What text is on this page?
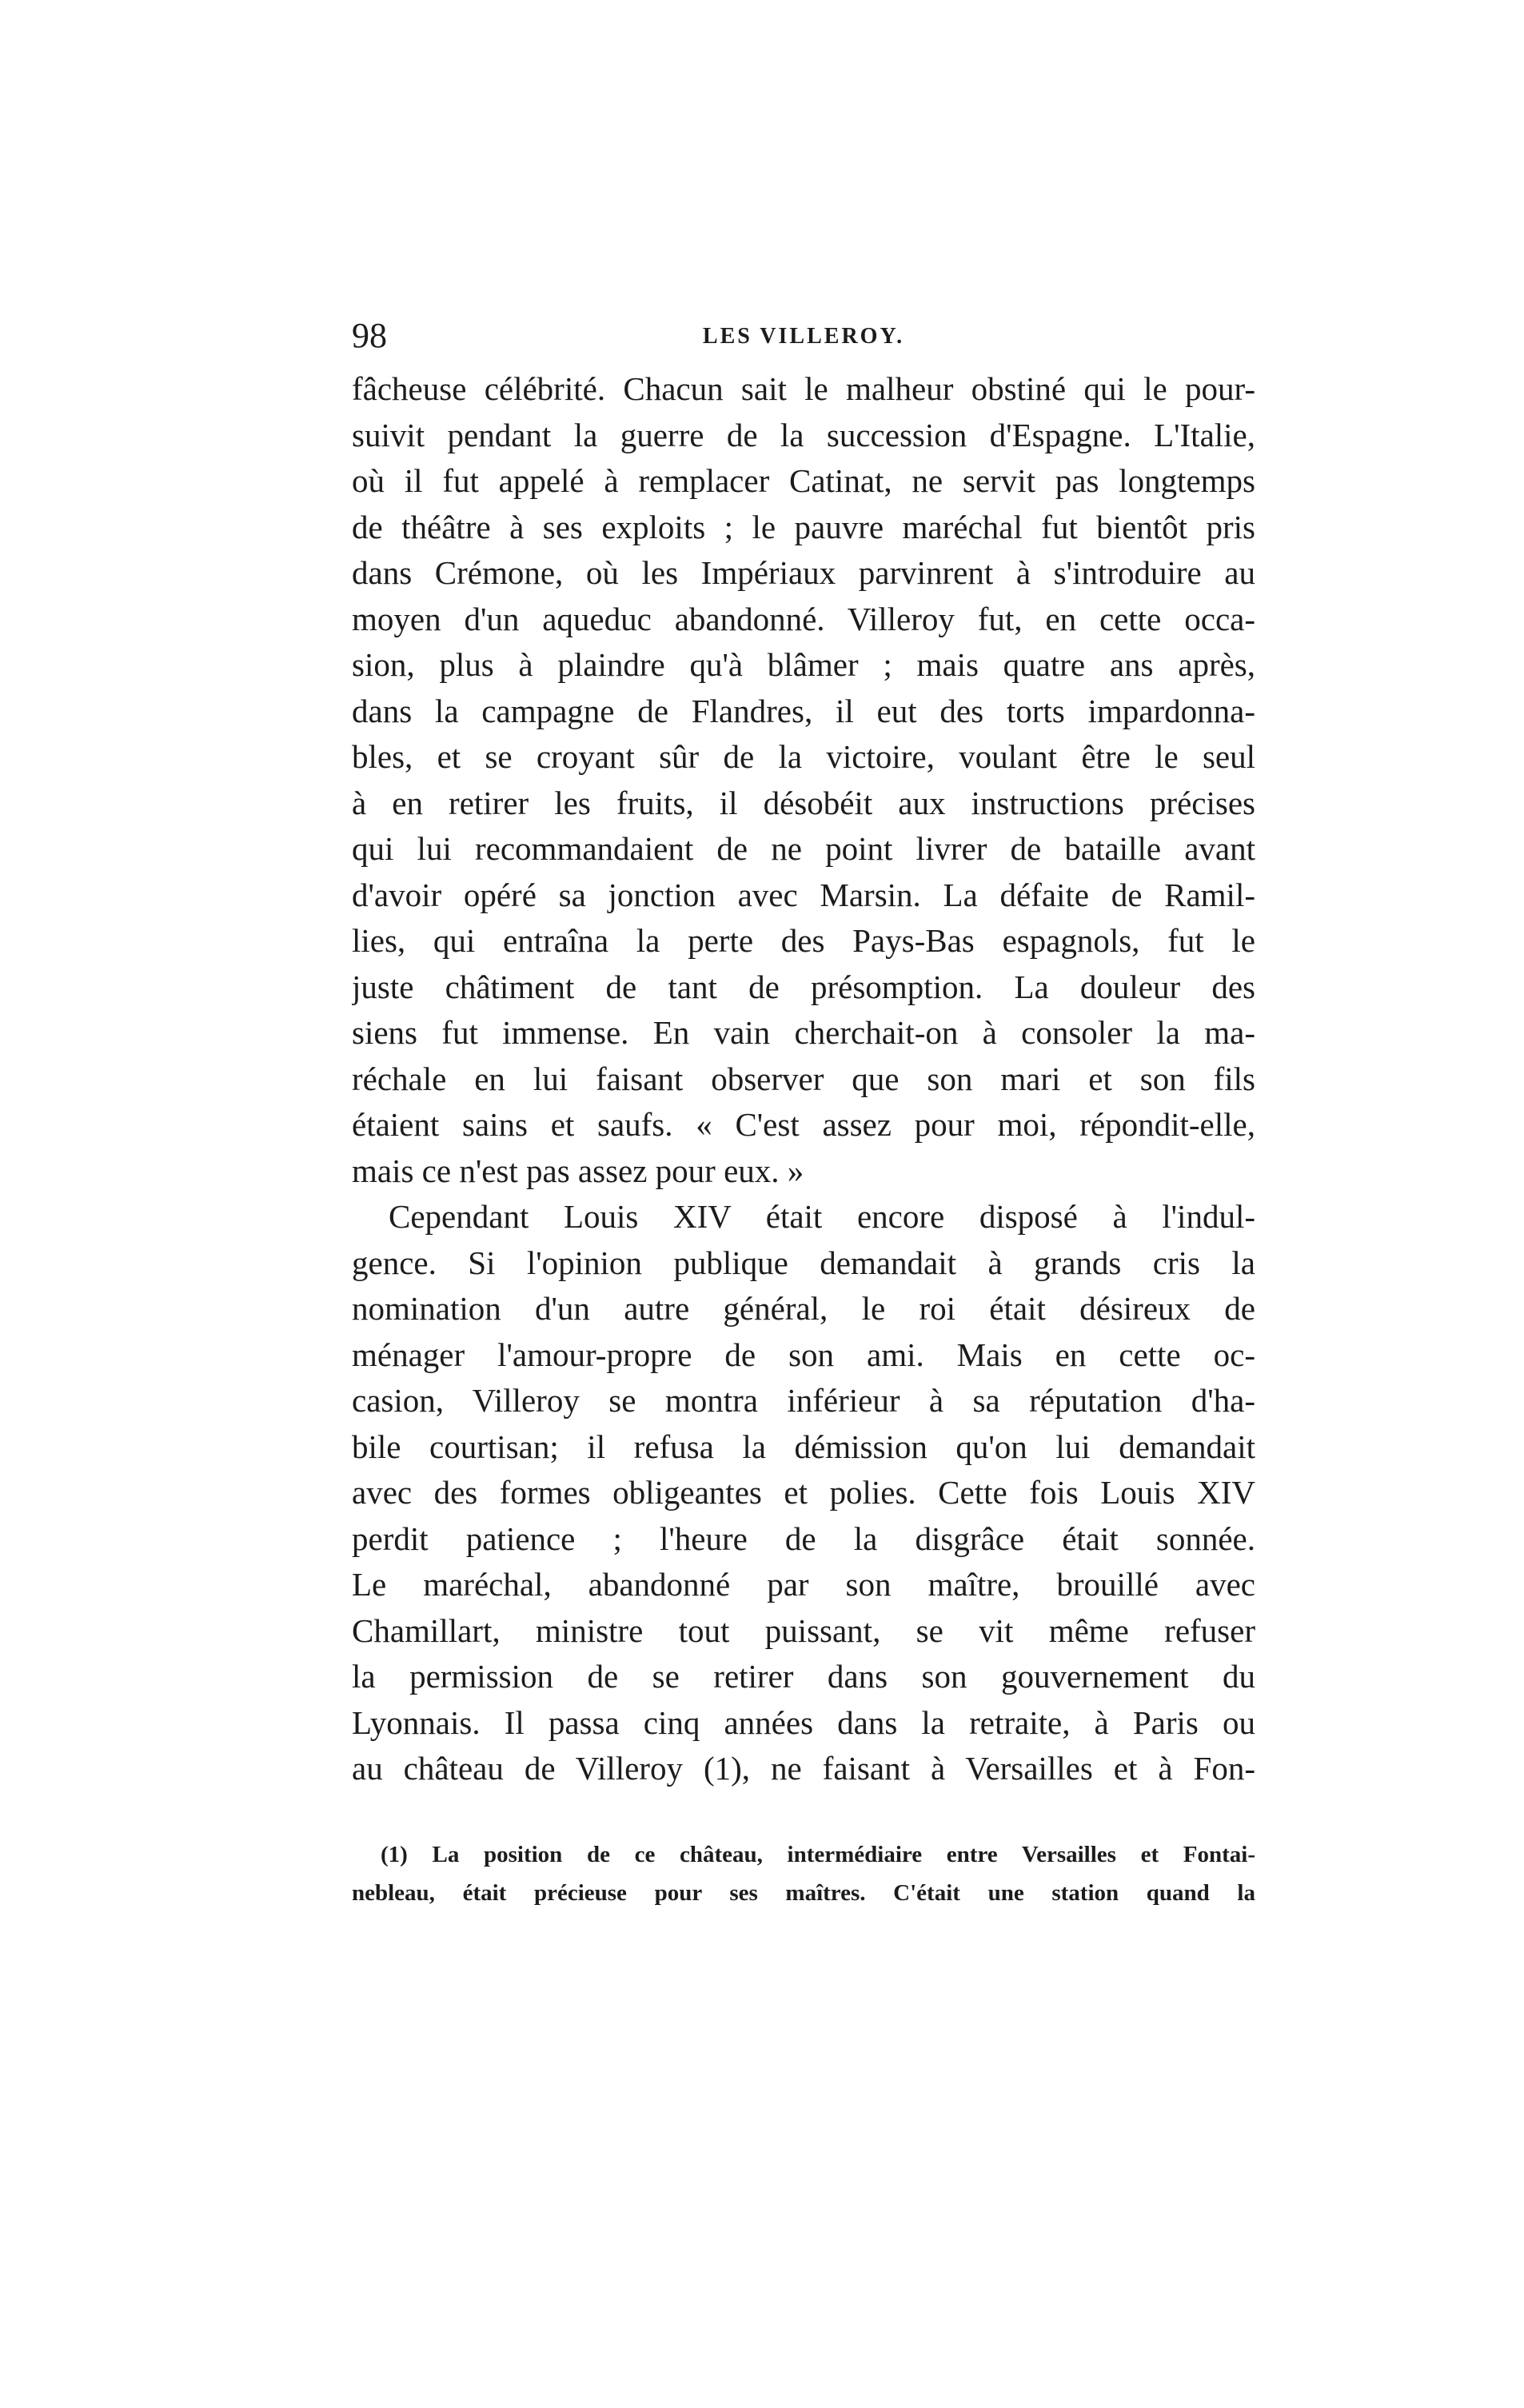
98	LES VILLEROY.
fâcheuse célébrité. Chacun sait le malheur obstiné qui le pour-
suivit pendant la guerre de la succession d'Espagne. L'Italie,
où il fut appelé à remplacer Catinat, ne servit pas longtemps
de théâtre à ses exploits ; le pauvre maréchal fut bientôt pris
dans Crémone, où les Impériaux parvinrent à s'introduire au
moyen d'un aqueduc abandonné. Villeroy fut, en cette occa-
sion, plus à plaindre qu'à blâmer ; mais quatre ans après,
dans la campagne de Flandres, il eut des torts impardonna-
bles, et se croyant sûr de la victoire, voulant être le seul
à en retirer les fruits, il désobéit aux instructions précises
qui lui recommandaient de ne point livrer de bataille avant
d'avoir opéré sa jonction avec Marsin. La défaite de Ramil-
lies, qui entraîna la perte des Pays-Bas espagnols, fut le
juste châtiment de tant de présomption. La douleur des
siens fut immense. En vain cherchait-on à consoler la ma-
réchale en lui faisant observer que son mari et son fils
étaient sains et saufs. « C'est assez pour moi, répondit-elle,
mais ce n'est pas assez pour eux. »
Cependant Louis XIV était encore disposé à l'indul-
gence. Si l'opinion publique demandait à grands cris la
nomination d'un autre général, le roi était désireux de
ménager l'amour-propre de son ami. Mais en cette oc-
casion, Villeroy se montra inférieur à sa réputation d'ha-
bile courtisan; il refusa la démission qu'on lui demandait
avec des formes obligeantes et polies. Cette fois Louis XIV
perdit patience ; l'heure de la disgrâce était sonnée.
Le maréchal, abandonné par son maître, brouillé avec
Chamillart, ministre tout puissant, se vit même refuser
la permission de se retirer dans son gouvernement du
Lyonnais. Il passa cinq années dans la retraite, à Paris ou
au château de Villeroy (1), ne faisant à Versailles et à Fon-
(1) La position de ce château, intermédiaire entre Versailles et Fontai-
nebleau, était précieuse pour ses maîtres. C'était une station quand la
